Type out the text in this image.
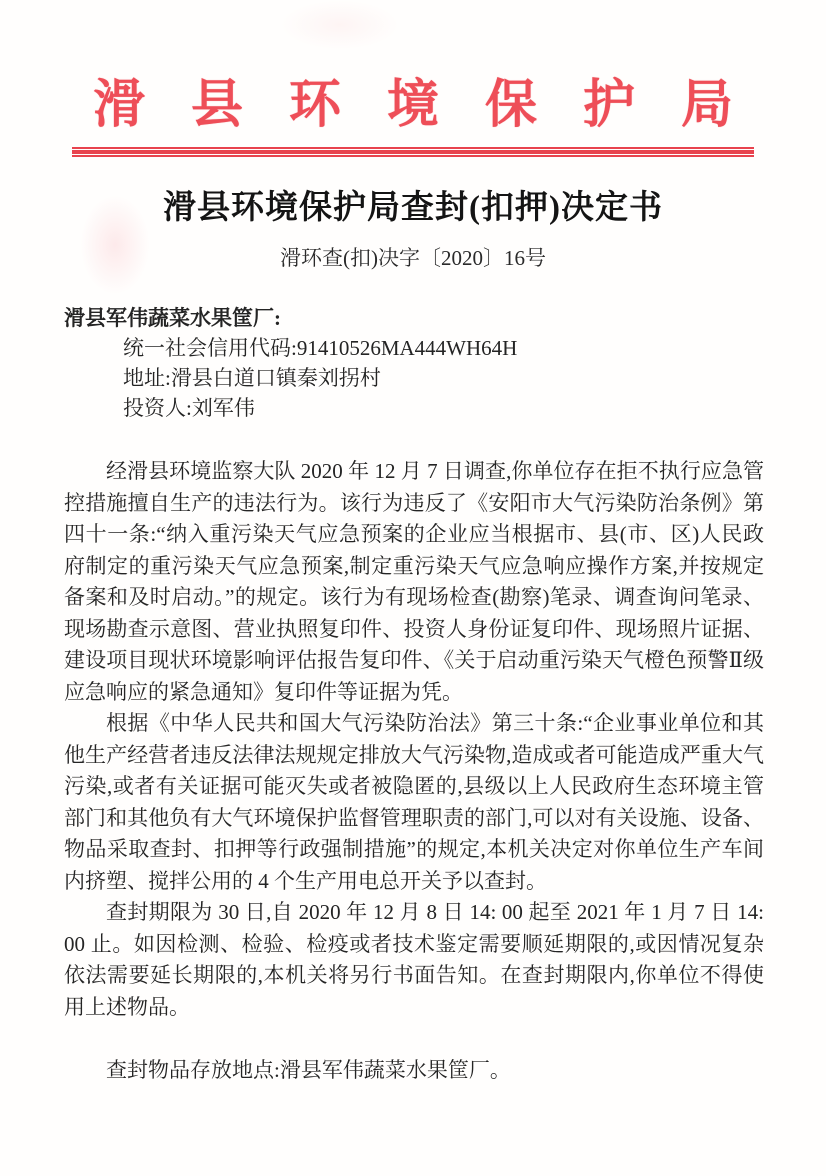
滑县环境保护局
滑县环境保护局查封(扣押)决定书
滑环查(扣)决字〔2020〕16号

滑县军伟蔬菜水果筐厂:

统一社会信用代码:91410526MA444WH64H

地址:滑县白道口镇秦刘拐村

投资人:刘军伟

经滑县环境监察大队 2020 年 12 月 7 日调查,你单位存在拒不执行应急管控措施擅自生产的违法行为。该行为违反了《安阳市大气污染防治条例》第四十一条:“纳入重污染天气应急预案的企业应当根据市、县(市、区)人民政府制定的重污染天气应急预案,制定重污染天气应急响应操作方案,并按规定备案和及时启动。”的规定。该行为有现场检查(勘察)笔录、调查询问笔录、现场勘查示意图、营业执照复印件、投资人身份证复印件、现场照片证据、建设项目现状环境影响评估报告复印件、《关于启动重污染天气橙色预警Ⅱ级应急响应的紧急通知》复印件等证据为凭。

根据《中华人民共和国大气污染防治法》第三十条:“企业事业单位和其他生产经营者违反法律法规规定排放大气污染物,造成或者可能造成严重大气污染,或者有关证据可能灭失或者被隐匿的,县级以上人民政府生态环境主管部门和其他负有大气环境保护监督管理职责的部门,可以对有关设施、设备、物品采取查封、扣押等行政强制措施”的规定,本机关决定对你单位生产车间内挤塑、搅拌公用的 4 个生产用电总开关予以查封。

查封期限为 30 日,自 2020 年 12 月 8 日 14: 00 起至 2021 年 1 月 7 日 14: 00 止。如因检测、检验、检疫或者技术鉴定需要顺延期限的,或因情况复杂依法需要延长期限的,本机关将另行书面告知。在查封期限内,你单位不得使用上述物品。

查封物品存放地点:滑县军伟蔬菜水果筐厂。
